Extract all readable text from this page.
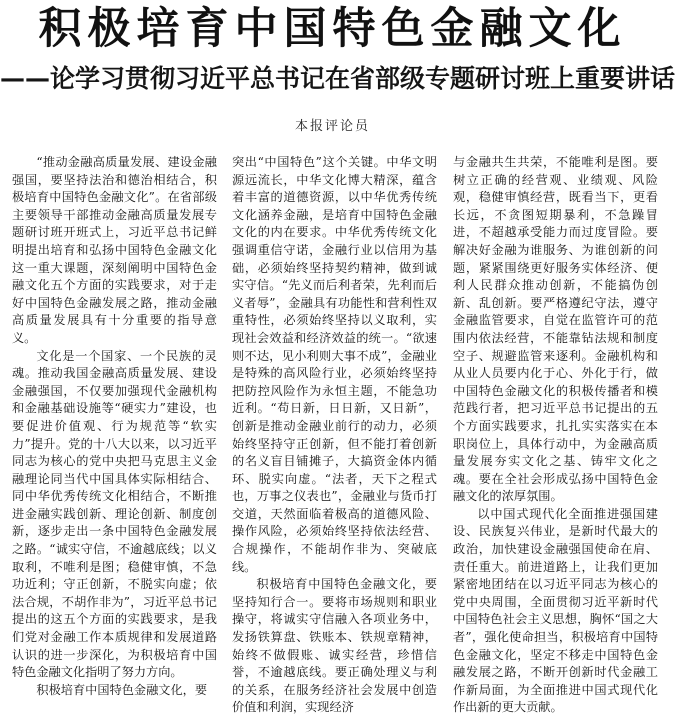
积极培育中国特色金融文化
——论学习贯彻习近平总书记在省部级专题研讨班上重要讲话
本报评论员

“推动金融高质量发展、建设金融强国，要坚持法治和德治相结合，积极培育中国特色金融文化”。在省部级主要领导干部推动金融高质量发展专题研讨班开班式上，习近平总书记鲜明提出培育和弘扬中国特色金融文化这一重大课题，深刻阐明中国特色金融文化五个方面的实践要求，对于走好中国特色金融发展之路，推动金融高质量发展具有十分重要的指导意义。

文化是一个国家、一个民族的灵魂。推动我国金融高质量发展、建设金融强国，不仅要加强现代金融机构和金融基础设施等“硬实力”建设，也要促进价值观、行为规范等“软实力”提升。党的十八大以来，以习近平同志为核心的党中央把马克思主义金融理论同当代中国具体实际相结合、同中华优秀传统文化相结合，不断推进金融实践创新、理论创新、制度创新，逐步走出一条中国特色金融发展之路。“诚实守信，不逾越底线；以义取利，不唯利是图；稳健审慎，不急功近利；守正创新，不脱实向虚；依法合规，不胡作非为”，习近平总书记提出的这五个方面的实践要求，是我们党对金融工作本质规律和发展道路认识的进一步深化，为积极培育中国特色金融文化指明了努力方向。

积极培育中国特色金融文化，要

突出“中国特色”这个关键。中华文明源远流长，中华文化博大精深，蕴含着丰富的道德资源，以中华优秀传统文化涵养金融，是培育中国特色金融文化的内在要求。中华优秀传统文化强调重信守诺，金融行业以信用为基础，必须始终坚持契约精神，做到诚实守信。“先义而后利者荣，先利而后义者辱”，金融具有功能性和营利性双重特性，必须始终坚持以义取利，实现社会效益和经济效益的统一。“欲速则不达，见小利则大事不成”，金融业是特殊的高风险行业，必须始终坚持把防控风险作为永恒主题，不能急功近利。“苟日新，日日新，又日新”，创新是推动金融业前行的动力，必须始终坚持守正创新，但不能打着创新的名义盲目铺摊子，大搞资金体内循环、脱实向虚。“法者，天下之程式也，万事之仪表也”，金融业与货币打交道，天然面临着极高的道德风险、操作风险，必须始终坚持依法经营、合规操作，不能胡作非为、突破底线。

积极培育中国特色金融文化，要坚持知行合一。要将市场规则和职业操守，将诚实守信融入各项业务中，发扬铁算盘、铁账本、铁规章精神，始终不做假账、诚实经营，珍惜信誉，不逾越底线。要正确处理义与利的关系，在服务经济社会发展中创造价值和利润，实现经济

与金融共生共荣，不能唯利是图。要树立正确的经营观、业绩观、风险观，稳健审慎经营，既看当下，更看长远，不贪图短期暴利，不急躁冒进，不超越承受能力而过度冒险。要解决好金融为谁服务、为谁创新的问题，紧紧围绕更好服务实体经济、便利人民群众推动创新，不能搞伪创新、乱创新。要严格遵纪守法，遵守金融监管要求，自觉在监管许可的范围内依法经营，不能靠钻法规和制度空子、规避监管来逐利。金融机构和从业人员要内化于心、外化于行，做中国特色金融文化的积极传播者和模范践行者，把习近平总书记提出的五个方面实践要求，扎扎实实落实在本职岗位上，具体行动中，为金融高质量发展夯实文化之基、铸牢文化之魂。要在全社会形成弘扬中国特色金融文化的浓厚氛围。

以中国式现代化全面推进强国建设、民族复兴伟业，是新时代最大的政治，加快建设金融强国使命在肩、责任重大。前进道路上，让我们更加紧密地团结在以习近平同志为核心的党中央周围，全面贯彻习近平新时代中国特色社会主义思想，胸怀“国之大者”，强化使命担当，积极培育中国特色金融文化，坚定不移走中国特色金融发展之路，不断开创新时代金融工作新局面，为全面推进中国式现代化作出新的更大贡献。
